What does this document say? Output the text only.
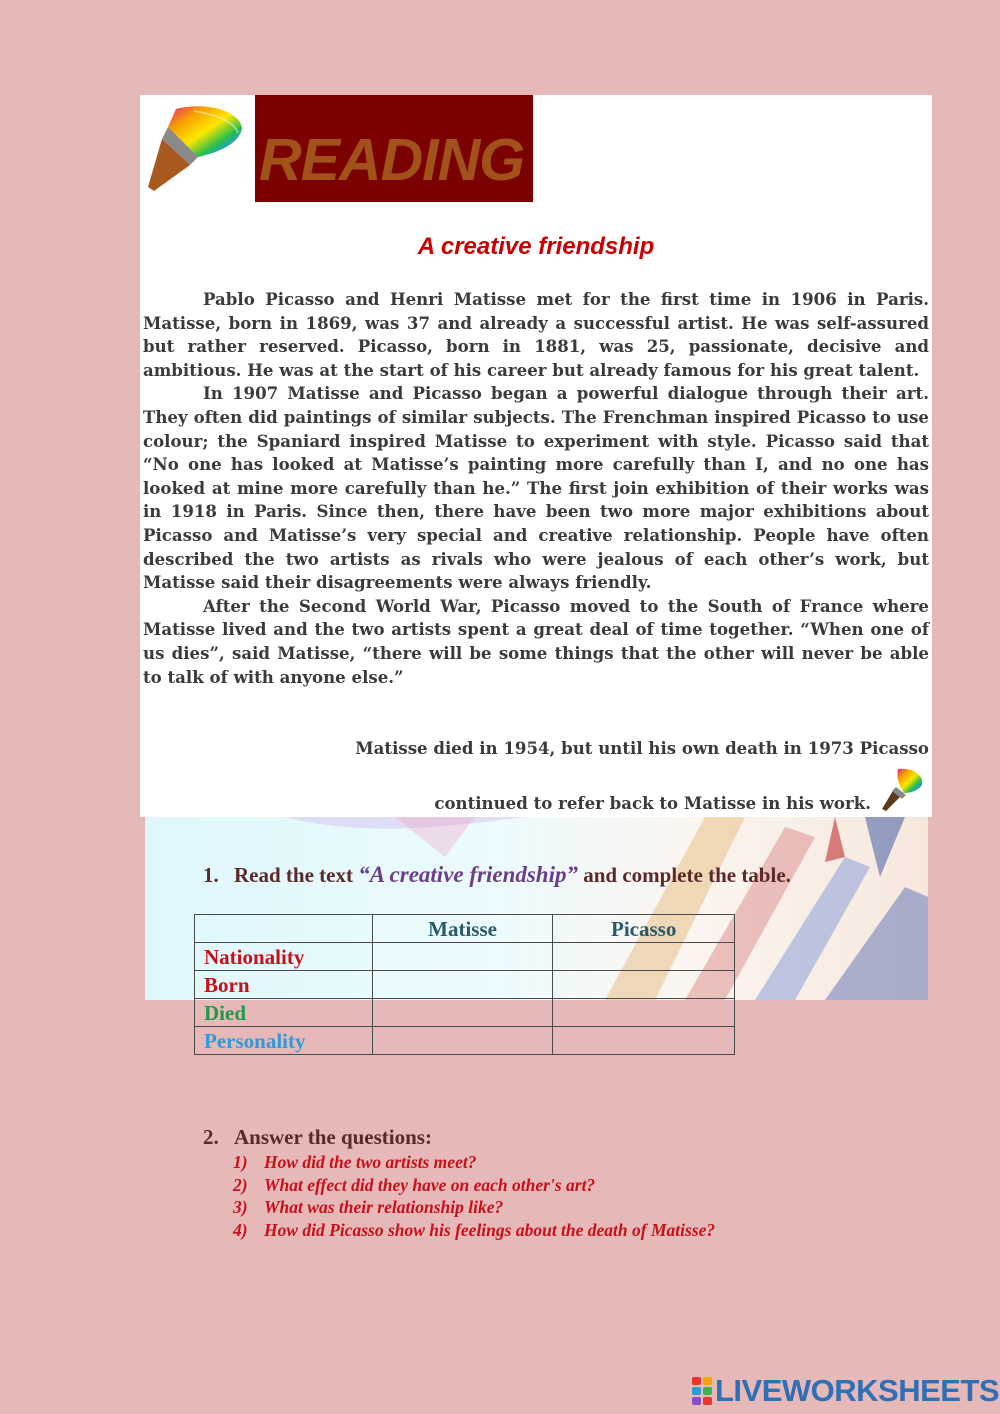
READING
A creative friendship

Pablo Picasso and Henri Matisse met for the first time in 1906 in Paris. Matisse, born in 1869, was 37 and already a successful artist. He was self-assured but rather reserved. Picasso, born in 1881, was 25, passionate, decisive and ambitious. He was at the start of his career but already famous for his great talent.

In 1907 Matisse and Picasso began a powerful dialogue through their art. They often did paintings of similar subjects. The Frenchman inspired Picasso to use colour; the Spaniard inspired Matisse to experiment with style. Picasso said that “No one has looked at Matisse’s painting more carefully than I, and no one has looked at mine more carefully than he.” The first join exhibition of their works was in 1918 in Paris. Since then, there have been two more major exhibitions about Picasso and Matisse’s very special and creative relationship. People have often described the two artists as rivals who were jealous of each other’s work, but Matisse said their disagreements were always friendly.

After the Second World War, Picasso moved to the South of France where Matisse lived and the two artists spent a great deal of time together. “When one of us dies”, said Matisse, “there will be some things that the other will never be able to talk of with anyone else.”

Matisse died in 1954, but until his own death in 1973 Picasso
continued to refer back to Matisse in his work.
1. Read the text “A creative friendship” and complete the table.
	Matisse	Picasso
Nationality		
Born		
Died		
Personality		
2. Answer the questions:
1) How did the two artists meet?
2) What effect did they have on each other's art?
3) What was their relationship like?
4) How did Picasso show his feelings about the death of Matisse?
LIVEWORKSHEETS
